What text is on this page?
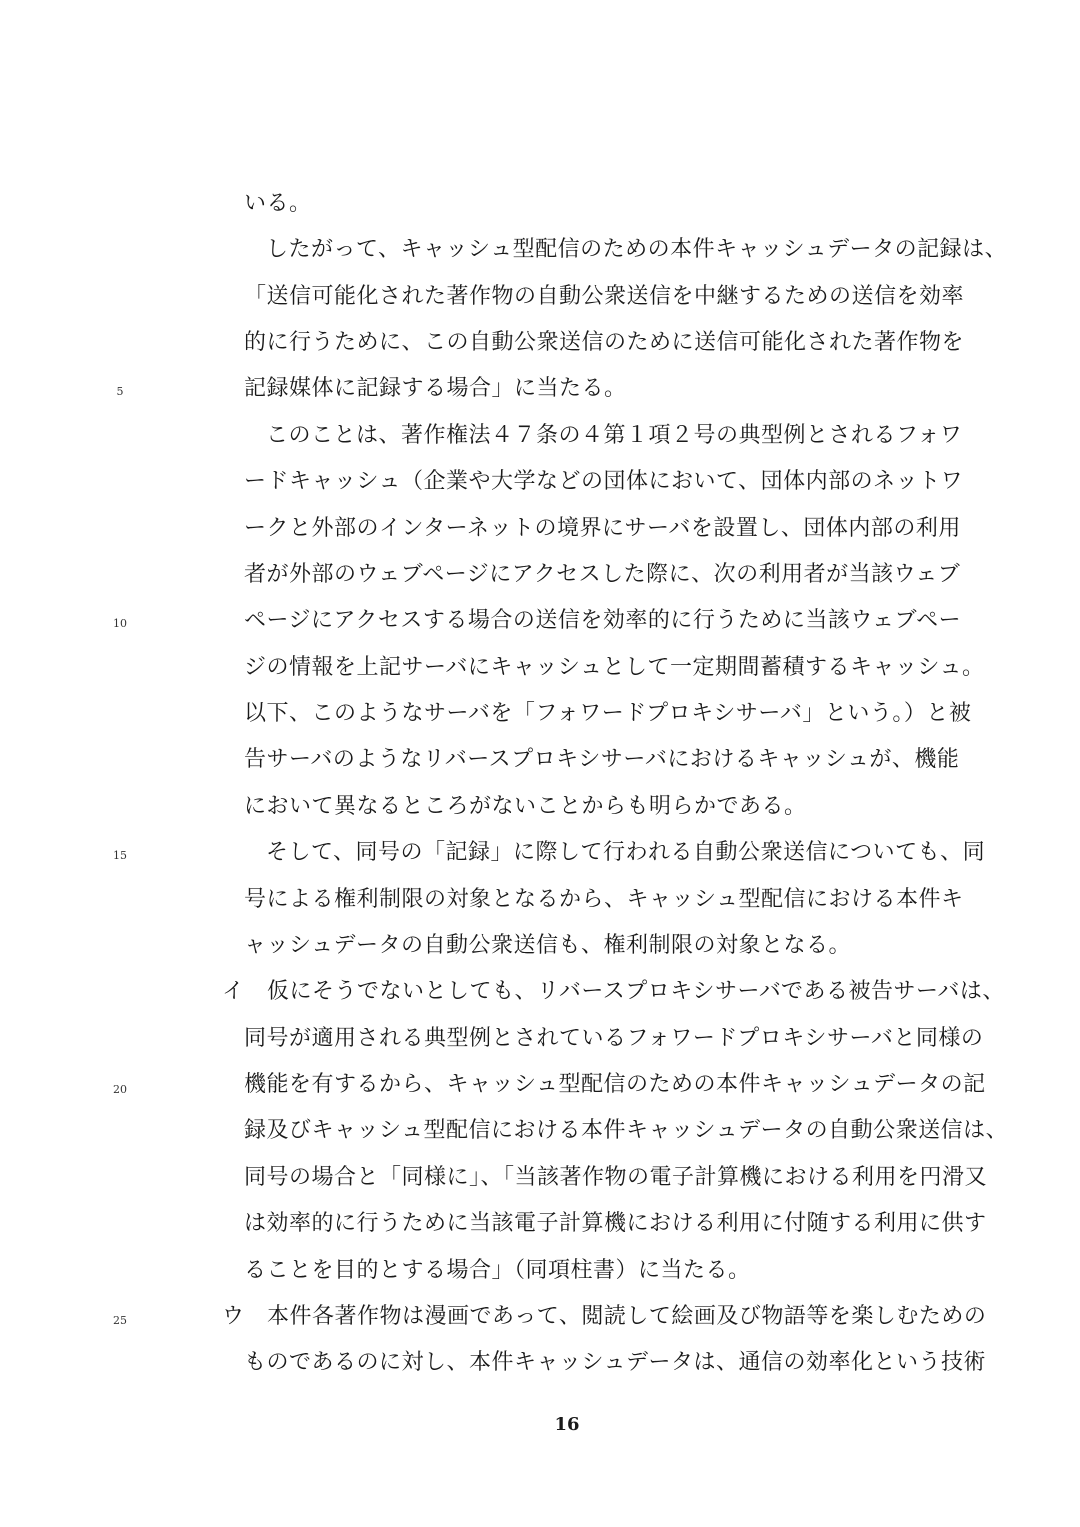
いる。
したがって、キャッシュ型配信のための本件キャッシュデータの記録は、
「送信可能化された著作物の自動公衆送信を中継するための送信を効率
的に行うために、この自動公衆送信のために送信可能化された著作物を
記録媒体に記録する場合」に当たる。
このことは、著作権法４７条の４第１項２号の典型例とされるフォワ
ードキャッシュ（企業や大学などの団体において、団体内部のネットワ
ークと外部のインターネットの境界にサーバを設置し、団体内部の利用
者が外部のウェブページにアクセスした際に、次の利用者が当該ウェブ
ページにアクセスする場合の送信を効率的に行うために当該ウェブペー
ジの情報を上記サーバにキャッシュとして一定期間蓄積するキャッシュ。
以下、このようなサーバを「フォワードプロキシサーバ」という。）と被
告サーバのようなリバースプロキシサーバにおけるキャッシュが、機能
において異なるところがないことからも明らかである。
そして、同号の「記録」に際して行われる自動公衆送信についても、同
号による権利制限の対象となるから、キャッシュ型配信における本件キ
ャッシュデータの自動公衆送信も、権利制限の対象となる。
イ　仮にそうでないとしても、リバースプロキシサーバである被告サーバは、
同号が適用される典型例とされているフォワードプロキシサーバと同様の
機能を有するから、キャッシュ型配信のための本件キャッシュデータの記
録及びキャッシュ型配信における本件キャッシュデータの自動公衆送信は、
同号の場合と「同様に」、「当該著作物の電子計算機における利用を円滑又
は効率的に行うために当該電子計算機における利用に付随する利用に供す
ることを目的とする場合」（同項柱書）に当たる。
ウ　本件各著作物は漫画であって、閲読して絵画及び物語等を楽しむための
ものであるのに対し、本件キャッシュデータは、通信の効率化という技術
5
10
15
20
25
16
